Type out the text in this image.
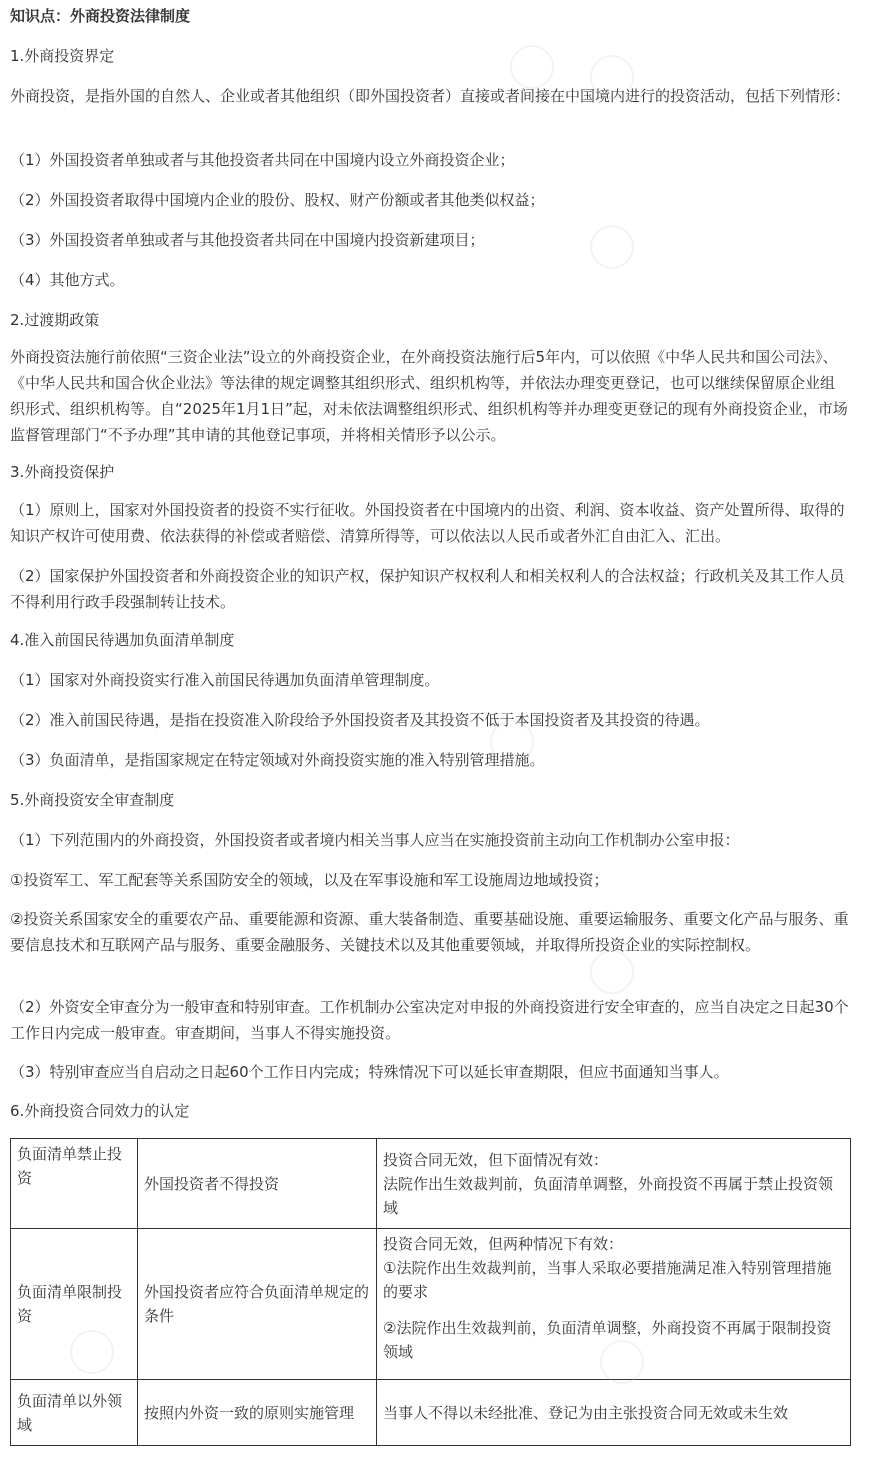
知识点：外商投资法律制度
1.外商投资界定
外商投资，是指外国的自然人、企业或者其他组织（即外国投资者）直接或者间接在中国境内进行的投资活动，包括下列情形：
（1）外国投资者单独或者与其他投资者共同在中国境内设立外商投资企业；
（2）外国投资者取得中国境内企业的股份、股权、财产份额或者其他类似权益；
（3）外国投资者单独或者与其他投资者共同在中国境内投资新建项目；
（4）其他方式。
2.过渡期政策
外商投资法施行前依照“三资企业法”设立的外商投资企业，在外商投资法施行后5年内，可以依照《中华人民共和国公司法》、《中华人民共和国合伙企业法》等法律的规定调整其组织形式、组织机构等，并依法办理变更登记，也可以继续保留原企业组织形式、组织机构等。自“2025年1月1日”起，对未依法调整组织形式、组织机构等并办理变更登记的现有外商投资企业，市场监督管理部门“不予办理”其申请的其他登记事项，并将相关情形予以公示。
3.外商投资保护
（1）原则上，国家对外国投资者的投资不实行征收。外国投资者在中国境内的出资、利润、资本收益、资产处置所得、取得的知识产权许可使用费、依法获得的补偿或者赔偿、清算所得等，可以依法以人民币或者外汇自由汇入、汇出。
（2）国家保护外国投资者和外商投资企业的知识产权，保护知识产权权利人和相关权利人的合法权益；行政机关及其工作人员不得利用行政手段强制转让技术。
4.准入前国民待遇加负面清单制度
（1）国家对外商投资实行准入前国民待遇加负面清单管理制度。
（2）准入前国民待遇，是指在投资准入阶段给予外国投资者及其投资不低于本国投资者及其投资的待遇。
（3）负面清单，是指国家规定在特定领域对外商投资实施的准入特别管理措施。
5.外商投资安全审查制度
（1）下列范围内的外商投资，外国投资者或者境内相关当事人应当在实施投资前主动向工作机制办公室申报：
①投资军工、军工配套等关系国防安全的领域，以及在军事设施和军工设施周边地域投资；
②投资关系国家安全的重要农产品、重要能源和资源、重大装备制造、重要基础设施、重要运输服务、重要文化产品与服务、重要信息技术和互联网产品与服务、重要金融服务、关键技术以及其他重要领域，并取得所投资企业的实际控制权。
（2）外资安全审查分为一般审查和特别审查。工作机制办公室决定对申报的外商投资进行安全审查的，应当自决定之日起30个工作日内完成一般审查。审查期间，当事人不得实施投资。
（3）特别审查应当自启动之日起60个工作日内完成；特殊情况下可以延长审查期限，但应书面通知当事人。
6.外商投资合同效力的认定
负面清单禁止投资	外国投资者不得投资	投资合同无效，但下面情况有效：
法院作出生效裁判前，负面清单调整，外商投资不再属于禁止投资领域
负面清单限制投资	外国投资者应符合负面清单规定的条件	投资合同无效，但两种情况下有效：
①法院作出生效裁判前，当事人采取必要措施满足准入特别管理措施的要求
②法院作出生效裁判前，负面清单调整，外商投资不再属于限制投资领域
负面清单以外领域	按照内外资一致的原则实施管理	当事人不得以未经批准、登记为由主张投资合同无效或未生效
